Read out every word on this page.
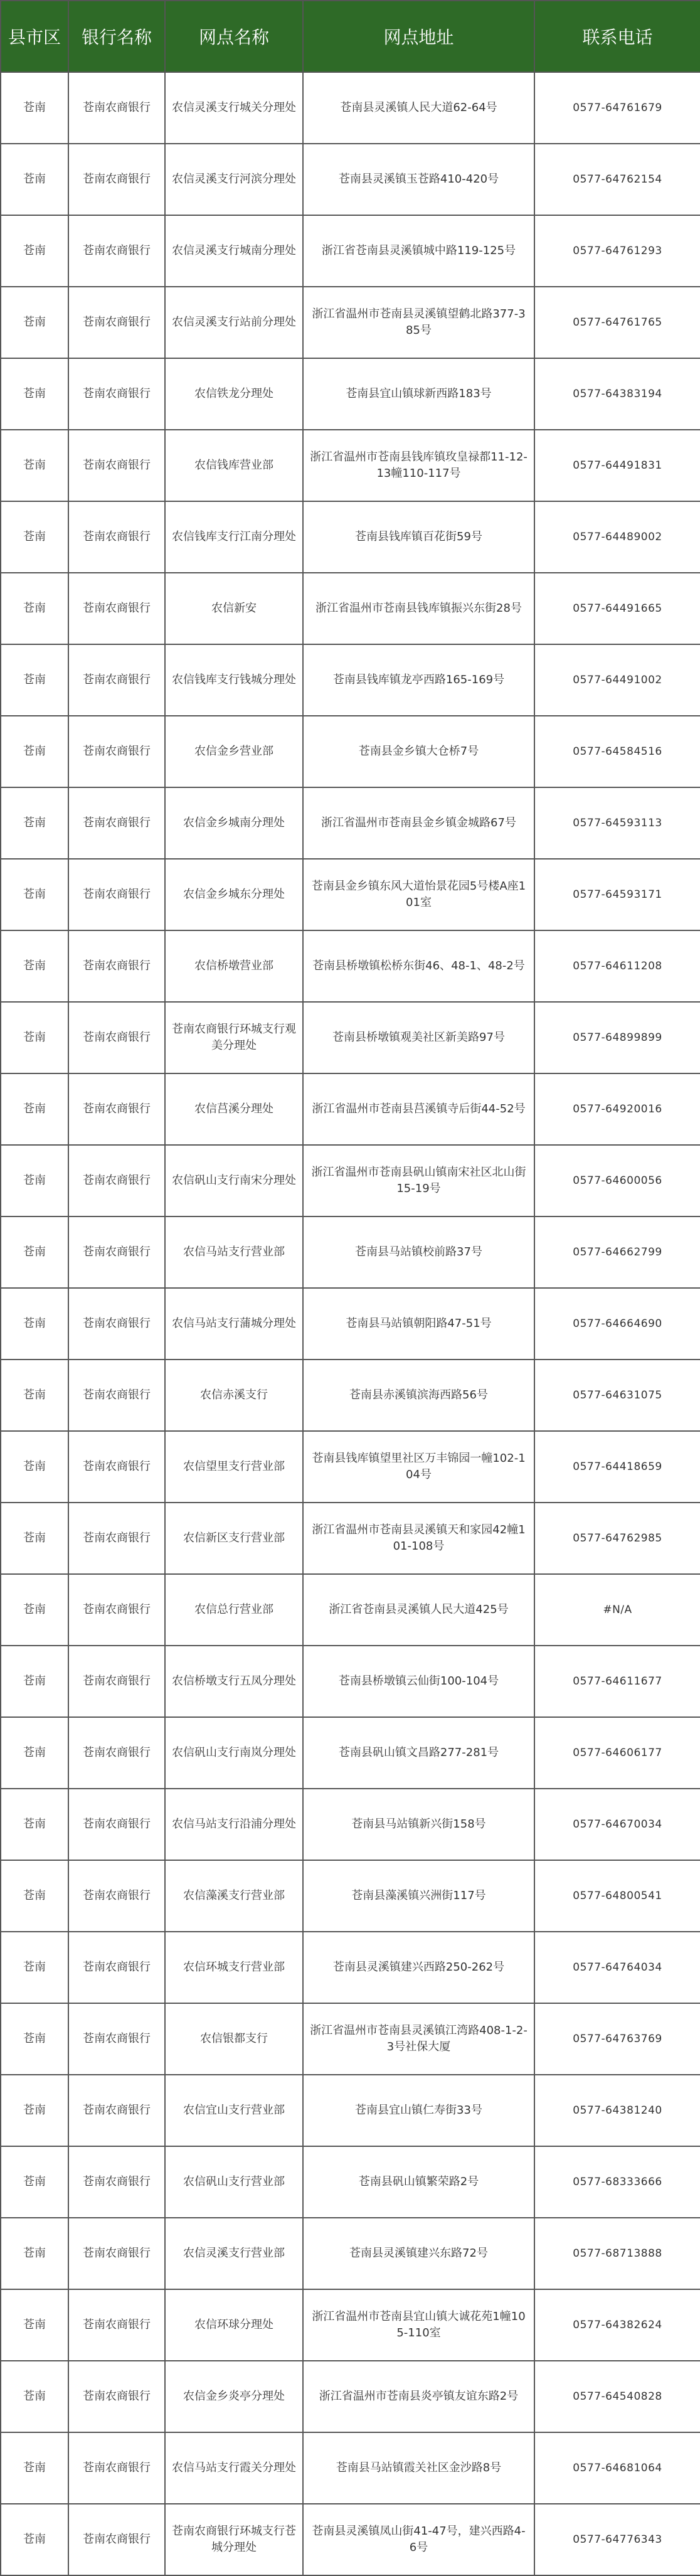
县市区	银行名称	网点名称	网点地址	联系电话
苍南	苍南农商银行	农信灵溪支行城关分理处	苍南县灵溪镇人民大道62-64号	0577-64761679
苍南	苍南农商银行	农信灵溪支行河滨分理处	苍南县灵溪镇玉苍路410-420号	0577-64762154
苍南	苍南农商银行	农信灵溪支行城南分理处	浙江省苍南县灵溪镇城中路119-125号	0577-64761293
苍南	苍南农商银行	农信灵溪支行站前分理处	浙江省温州市苍南县灵溪镇望鹤北路377-385号	0577-64761765
苍南	苍南农商银行	农信铁龙分理处	苍南县宜山镇球新西路183号	0577-64383194
苍南	苍南农商银行	农信钱库营业部	浙江省温州市苍南县钱库镇玫皇禄都11-12-13幢110-117号	0577-64491831
苍南	苍南农商银行	农信钱库支行江南分理处	苍南县钱库镇百花街59号	0577-64489002
苍南	苍南农商银行	农信新安	浙江省温州市苍南县钱库镇振兴东街28号	0577-64491665
苍南	苍南农商银行	农信钱库支行钱城分理处	苍南县钱库镇龙亭西路165-169号	0577-64491002
苍南	苍南农商银行	农信金乡营业部	苍南县金乡镇大仓桥7号	0577-64584516
苍南	苍南农商银行	农信金乡城南分理处	浙江省温州市苍南县金乡镇金城路67号	0577-64593113
苍南	苍南农商银行	农信金乡城东分理处	苍南县金乡镇东风大道怡景花园5号楼A座101室	0577-64593171
苍南	苍南农商银行	农信桥墩营业部	苍南县桥墩镇松桥东街46、48-1、48-2号	0577-64611208
苍南	苍南农商银行	苍南农商银行环城支行观美分理处	苍南县桥墩镇观美社区新美路97号	0577-64899899
苍南	苍南农商银行	农信莒溪分理处	浙江省温州市苍南县莒溪镇寺后街44-52号	0577-64920016
苍南	苍南农商银行	农信矾山支行南宋分理处	浙江省温州市苍南县矾山镇南宋社区北山街15-19号	0577-64600056
苍南	苍南农商银行	农信马站支行营业部	苍南县马站镇校前路37号	0577-64662799
苍南	苍南农商银行	农信马站支行蒲城分理处	苍南县马站镇朝阳路47-51号	0577-64664690
苍南	苍南农商银行	农信赤溪支行	苍南县赤溪镇滨海西路56号	0577-64631075
苍南	苍南农商银行	农信望里支行营业部	苍南县钱库镇望里社区万丰锦园一幢102-104号	0577-64418659
苍南	苍南农商银行	农信新区支行营业部	浙江省温州市苍南县灵溪镇天和家园42幢101-108号	0577-64762985
苍南	苍南农商银行	农信总行营业部	浙江省苍南县灵溪镇人民大道425号	#N/A
苍南	苍南农商银行	农信桥墩支行五凤分理处	苍南县桥墩镇云仙街100-104号	0577-64611677
苍南	苍南农商银行	农信矾山支行南岚分理处	苍南县矾山镇文昌路277-281号	0577-64606177
苍南	苍南农商银行	农信马站支行沿浦分理处	苍南县马站镇新兴街158号	0577-64670034
苍南	苍南农商银行	农信藻溪支行营业部	苍南县藻溪镇兴洲街117号	0577-64800541
苍南	苍南农商银行	农信环城支行营业部	苍南县灵溪镇建兴西路250-262号	0577-64764034
苍南	苍南农商银行	农信银都支行	浙江省温州市苍南县灵溪镇江湾路408-1-2-3号社保大厦	0577-64763769
苍南	苍南农商银行	农信宜山支行营业部	苍南县宜山镇仁寿街33号	0577-64381240
苍南	苍南农商银行	农信矾山支行营业部	苍南县矾山镇繁荣路2号	0577-68333666
苍南	苍南农商银行	农信灵溪支行营业部	苍南县灵溪镇建兴东路72号	0577-68713888
苍南	苍南农商银行	农信环球分理处	浙江省温州市苍南县宜山镇大诚花苑1幢105-110室	0577-64382624
苍南	苍南农商银行	农信金乡炎亭分理处	浙江省温州市苍南县炎亭镇友谊东路2号	0577-64540828
苍南	苍南农商银行	农信马站支行霞关分理处	苍南县马站镇霞关社区金沙路8号	0577-64681064
苍南	苍南农商银行	苍南农商银行环城支行苍城分理处	苍南县灵溪镇凤山街41-47号，建兴西路4-6号	0577-64776343
